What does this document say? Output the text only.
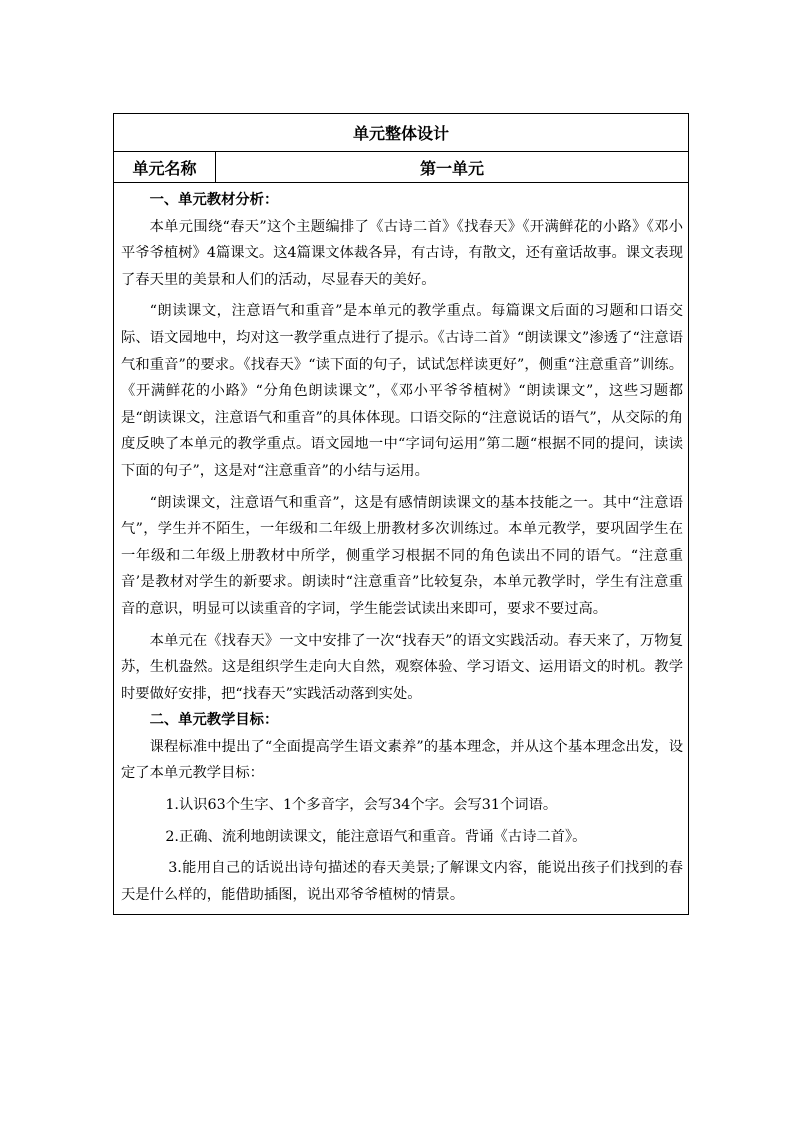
单元整体设计
单元名称	第一单元
一、单元教材分析：

本单元围绕“春天”这个主题编排了《古诗二首》《找春天》《开满鲜花的小路》《邓小平爷爷植树》4篇课文。这4篇课文体裁各异，有古诗，有散文，还有童话故事。课文表现了春天里的美景和人们的活动，尽显春天的美好。

“朗读课文，注意语气和重音”是本单元的教学重点。每篇课文后面的习题和口语交际、语文园地中，均对这一教学重点进行了提示。《古诗二首》“朗读课文”渗透了“注意语气和重音”的要求。《找春天》“读下面的句子，试试怎样读更好”，侧重“注意重音”训练。《开满鲜花的小路》“分角色朗读课文”，《邓小平爷爷植树》“朗读课文”，这些习题都是“朗读课文，注意语气和重音”的具体体现。口语交际的“注意说话的语气”，从交际的角度反映了本单元的教学重点。语文园地一中“字词句运用”第二题“根据不同的提问，读读下面的句子”，这是对“注意重音”的小结与运用。

“朗读课文，注意语气和重音”，这是有感情朗读课文的基本技能之一。其中“注意语气”，学生并不陌生，一年级和二年级上册教材多次训练过。本单元教学，要巩固学生在一年级和二年级上册教材中所学，侧重学习根据不同的角色读出不同的语气。“注意重音’是教材对学生的新要求。朗读时“注意重音”比较复杂，本单元教学时，学生有注意重音的意识，明显可以读重音的字词，学生能尝试读出来即可，要求不要过高。

本单元在《找春天》一文中安排了一次“找春天”的语文实践活动。春天来了，万物复苏，生机盎然。这是组织学生走向大自然，观察体验、学习语文、运用语文的时机。教学时要做好安排，把“找春天”实践活动落到实处。

二、单元教学目标：

课程标准中提出了“全面提高学生语文素养”的基本理念，并从这个基本理念出发，设定了本单元教学目标：

1.认识63个生字、1个多音字，会写34个字。会写31个词语。
2.正确、流利地朗读课文，能注意语气和重音。背诵《古诗二首》。

3.能用自己的话说出诗句描述的春天美景;了解课文内容，能说出孩子们找到的春天是什么样的，能借助插图，说出邓爷爷植树的情景。
